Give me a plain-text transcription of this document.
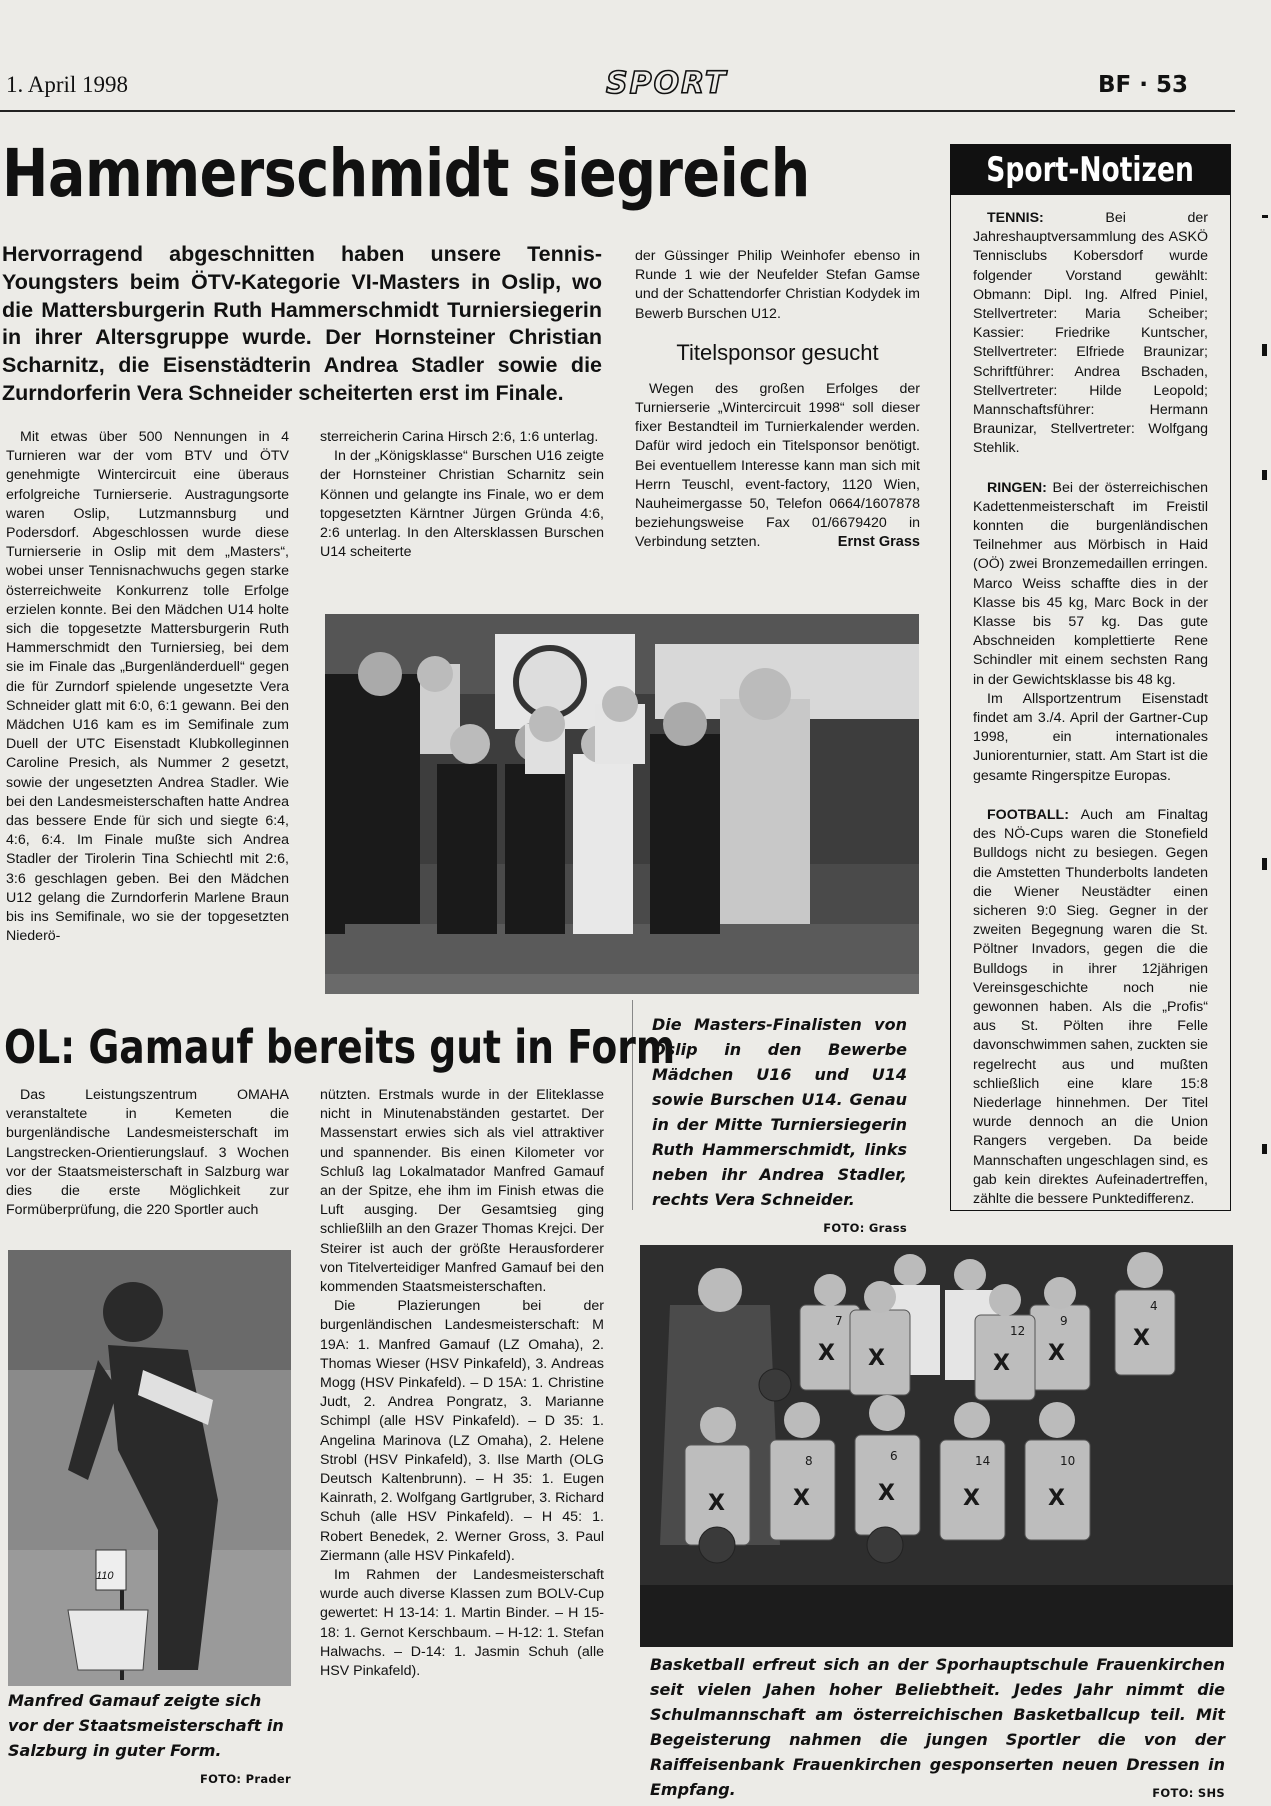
1. April 1998	SPORT	BF · 53
Hammerschmidt siegreich
Hervorragend abgeschnitten haben unsere Tennis-Youngsters beim ÖTV-Kategorie VI-Masters in Oslip, wo die Mattersburgerin Ruth Hammerschmidt Turniersiegerin in ihrer Altersgruppe wurde. Der Hornsteiner Christian Scharnitz, die Eisenstädterin Andrea Stadler sowie die Zurndorferin Vera Schneider scheiterten erst im Finale.

Mit etwas über 500 Nennungen in 4 Turnieren war der vom BTV und ÖTV genehmigte Wintercircuit eine überaus erfolgreiche Turnierserie. Austragungsorte waren Oslip, Lutzmannsburg und Podersdorf. Abgeschlossen wurde diese Turnierserie in Oslip mit dem „Masters“, wobei unser Tennisnachwuchs gegen starke österreichweite Konkurrenz tolle Erfolge erzielen konnte. Bei den Mädchen U14 holte sich die topgesetzte Mattersburgerin Ruth Hammerschmidt den Turniersieg, bei dem sie im Finale das „Burgenländerduell“ gegen die für Zurndorf spielende ungesetzte Vera Schneider glatt mit 6:0, 6:1 gewann. Bei den Mädchen U16 kam es im Semifinale zum Duell der UTC Eisenstadt Klubkolleginnen Caroline Presich, als Nummer 2 gesetzt, sowie der ungesetzten Andrea Stadler. Wie bei den Landesmeisterschaften hatte Andrea das bessere Ende für sich und siegte 6:4, 4:6, 6:4. Im Finale mußte sich Andrea Stadler der Tirolerin Tina Schiechtl mit 2:6, 3:6 geschlagen geben. Bei den Mädchen U12 gelang die Zurndorferin Marlene Braun bis ins Semifinale, wo sie der topgesetzten Niederö-

sterreicherin Carina Hirsch 2:6, 1:6 unterlag.

In der „Königsklasse“ Burschen U16 zeigte der Hornsteiner Christian Scharnitz sein Können und gelangte ins Finale, wo er dem topgesetzten Kärntner Jürgen Gründa 4:6, 2:6 unterlag. In den Altersklassen Burschen U14 scheiterte

der Güssinger Philip Weinhofer ebenso in Runde 1 wie der Neufelder Stefan Gamse und der Schattendorfer Christian Kodydek im Bewerb Burschen U12.

Titelsponsor gesucht

Wegen des großen Erfolges der Turnierserie „Wintercircuit 1998“ soll dieser fixer Bestandteil im Turnierkalender werden. Dafür wird jedoch ein Titelsponsor benötigt. Bei eventuellem Interesse kann man sich mit Herrn Teuschl, event-factory, 1120 Wien, Nauheimergasse 50, Telefon 0664/1607878 beziehungsweise Fax 01/6679420 in Verbindung setzten.	Ernst Grass
Die Masters-Finalisten von Oslip in den Bewerbe Mädchen U16 und U14 sowie Burschen U14. Genau in der Mitte Turniersiegerin Ruth Hammerschmidt, links neben ihr Andrea Stadler, rechts Vera Schneider.
FOTO: Grass
OL: Gamauf bereits gut in Form

Das Leistungszentrum OMAHA veranstaltete in Kemeten die burgenländische Landesmeisterschaft im Langstrecken-Orientierungslauf. 3 Wochen vor der Staatsmeisterschaft in Salzburg war dies die erste Möglichkeit zur Formüberprüfung, die 220 Sportler auch

nützten. Erstmals wurde in der Eliteklasse nicht in Minutenabständen gestartet. Der Massenstart erwies sich als viel attraktiver und spannender. Bis einen Kilometer vor Schluß lag Lokalmatador Manfred Gamauf an der Spitze, ehe ihm im Finish etwas die Luft ausging. Der Gesamtsieg ging schließlilh an den Grazer Thomas Krejci. Der Steirer ist auch der größte Herausforderer von Titelverteidiger Manfred Gamauf bei den kommenden Staatsmeisterschaften.

Die Plazierungen bei der burgenländischen Landesmeisterschaft: M 19A: 1. Manfred Gamauf (LZ Omaha), 2. Thomas Wieser (HSV Pinkafeld), 3. Andreas Mogg (HSV Pinkafeld). – D 15A: 1. Christine Judt, 2. Andrea Pongratz, 3. Marianne Schimpl (alle HSV Pinkafeld). – D 35: 1. Angelina Marinova (LZ Omaha), 2. Helene Strobl (HSV Pinkafeld), 3. Ilse Marth (OLG Deutsch Kaltenbrunn). – H 35: 1. Eugen Kainrath, 2. Wolfgang Gartlgruber, 3. Richard Schuh (alle HSV Pinkafeld). – H 45: 1. Robert Benedek, 2. Werner Gross, 3. Paul Ziermann (alle HSV Pinkafeld).

Im Rahmen der Landesmeisterschaft wurde auch diverse Klassen zum BOLV-Cup gewertet: H 13-14: 1. Martin Binder. – H 15-18: 1. Gernot Kerschbaum. – H-12: 1. Stefan Halwachs. – D-14: 1. Jasmin Schuh (alle HSV Pinkafeld).

110
Manfred Gamauf zeigte sich vor der Staatsmeisterschaft in Salzburg in guter Form.
FOTO: Prader
Sport-Notizen

TENNIS:	Bei der Jahreshauptversammlung des ASKÖ Tennisclubs Kobersdorf wurde folgender Vorstand gewählt: Obmann: Dipl. Ing. Alfred Piniel, Stellvertreter: Maria Scheiber; Kassier: Friedrike Kuntscher, Stellvertreter: Elfriede Braunizar; Schriftführer: Andrea Bschaden, Stellvertreter: Hilde Leopold; Mannschaftsführer: Hermann Braunizar, Stellvertreter: Wolfgang Stehlik.

RINGEN: Bei der österreichischen Kadettenmeisterschaft im Freistil konnten die burgenländischen Teilnehmer aus Mörbisch in Haid (OÖ) zwei Bronzemedaillen erringen. Marco Weiss schaffte dies in der Klasse bis 45 kg, Marc Bock in der Klasse bis 57 kg. Das gute Abschneiden komplettierte Rene Schindler mit einem sechsten Rang in der Gewichtsklasse bis 48 kg.

Im Allsportzentrum Eisenstadt findet am 3./4. April der Gartner-Cup 1998, ein internationales Juniorenturnier, statt. Am Start ist die gesamte Ringerspitze Europas.

FOOTBALL: Auch am Finaltag des NÖ-Cups waren die Stonefield Bulldogs nicht zu besiegen. Gegen die Amstetten Thunderbolts landeten die Wiener Neustädter einen sicheren 9:0 Sieg. Gegner in der zweiten Begegnung waren die St. Pöltner Invadors, gegen die die Bulldogs in ihrer 12jährigen Vereinsgeschichte noch nie gewonnen haben. Als die „Profis“ aus St. Pölten ihre Felle davonschwimmen sahen, zuckten sie regelrecht aus und mußten schließlich eine klare 15:8 Niederlage hinnehmen. Der Titel wurde dennoch an die Union Rangers vergeben. Da beide Mannschaften ungeschlagen sind, es gab kein direktes Aufeinadertreffen, zählte die bessere Punktedifferenz.

X X	X
X
X
X	X	X	X	X
7	9
4
12
8	6	14	10
Basketball erfreut sich an der Sporhauptschule Frauenkirchen seit vielen Jahen hoher Beliebtheit. Jedes Jahr nimmt die Schulmannschaft am österreichischen Basketballcup teil. Mit Begeisterung nahmen die jungen Sportler die von der Raiffeisenbank Frauenkirchen gesponserten neuen Dressen in Empfang.	FOTO: SHS
